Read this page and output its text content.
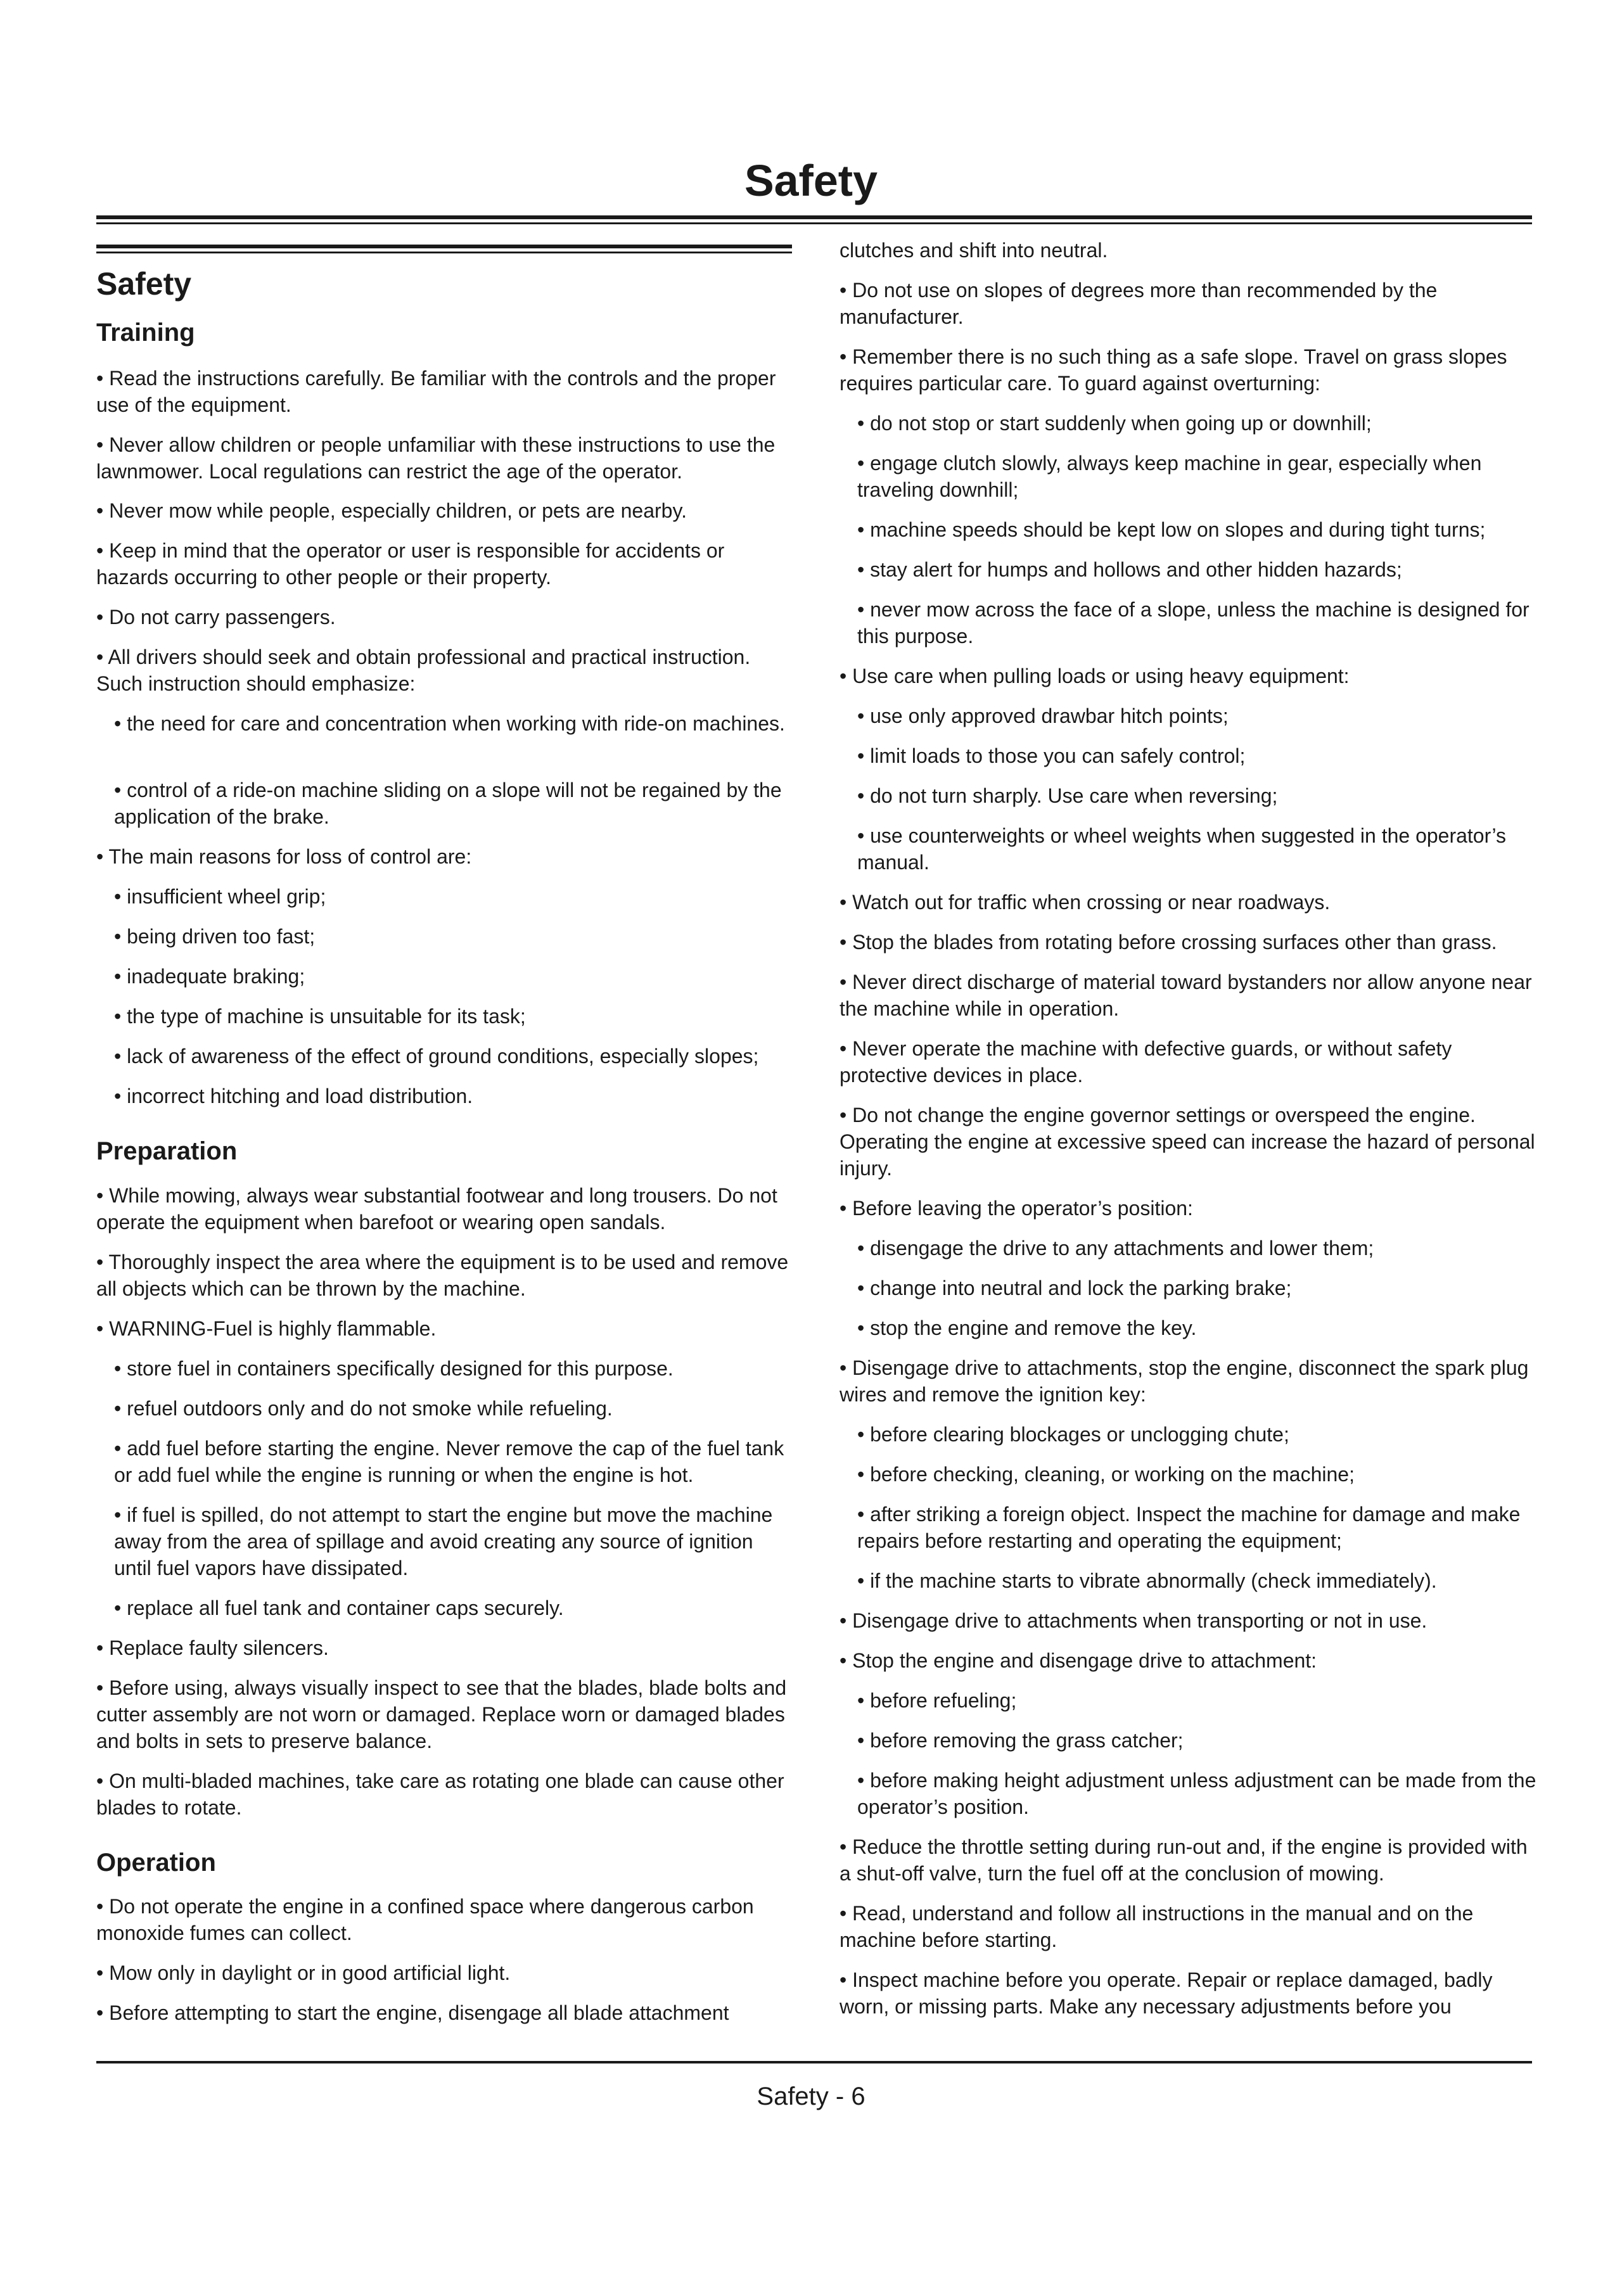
Safety
Safety
Training

• Read the instructions carefully. Be familiar with the controls and the proper use of the equipment.

• Never allow children or people unfamiliar with these instructions to use the lawnmower. Local regulations can restrict the age of the operator.

• Never mow while people, especially children, or pets are nearby.

• Keep in mind that the operator or user is responsible for accidents or hazards occurring to other people or their property.

• Do not carry passengers.

• All drivers should seek and obtain professional and practical instruction. Such instruction should emphasize:

• the need for care and concentration when working with ride-on machines.

• control of a ride-on machine sliding on a slope will not be regained by the application of the brake.

• The main reasons for loss of control are:

• insufficient wheel grip;

• being driven too fast;

• inadequate braking;

• the type of machine is unsuitable for its task;

• lack of awareness of the effect of ground conditions, especially slopes;

• incorrect hitching and load distribution.

Preparation

• While mowing, always wear substantial footwear and long trousers. Do not operate the equipment when barefoot or wearing open sandals.

• Thoroughly inspect the area where the equipment is to be used and remove all objects which can be thrown by the machine.

• WARNING-Fuel is highly flammable.

• store fuel in containers specifically designed for this purpose.

• refuel outdoors only and do not smoke while refueling.

• add fuel before starting the engine. Never remove the cap of the fuel tank or add fuel while the engine is running or when the engine is hot.

• if fuel is spilled, do not attempt to start the engine but move the machine away from the area of spillage and avoid creating any source of ignition until fuel vapors have dissipated.

• replace all fuel tank and container caps securely.

• Replace faulty silencers.

• Before using, always visually inspect to see that the blades, blade bolts and cutter assembly are not worn or damaged. Replace worn or damaged blades and bolts in sets to preserve balance.

• On multi-bladed machines, take care as rotating one blade can cause other blades to rotate.

Operation

• Do not operate the engine in a confined space where dangerous carbon monoxide fumes can collect.

• Mow only in daylight or in good artificial light.

• Before attempting to start the engine, disengage all blade attachment

clutches and shift into neutral.

• Do not use on slopes of degrees more than recommended by the manufacturer.

• Remember there is no such thing as a safe slope. Travel on grass slopes requires particular care. To guard against overturning:

• do not stop or start suddenly when going up or downhill;

• engage clutch slowly, always keep machine in gear, especially when traveling downhill;

• machine speeds should be kept low on slopes and during tight turns;

• stay alert for humps and hollows and other hidden hazards;

• never mow across the face of a slope, unless the machine is designed for this purpose.

• Use care when pulling loads or using heavy equipment:

• use only approved drawbar hitch points;

• limit loads to those you can safely control;

• do not turn sharply. Use care when reversing;

• use counterweights or wheel weights when suggested in the operator’s manual.

• Watch out for traffic when crossing or near roadways.

• Stop the blades from rotating before crossing surfaces other than grass.

• Never direct discharge of material toward bystanders nor allow anyone near the machine while in operation.

• Never operate the machine with defective guards, or without safety protective devices in place.

• Do not change the engine governor settings or overspeed the engine. Operating the engine at excessive speed can increase the hazard of personal injury.

• Before leaving the operator’s position:

• disengage the drive to any attachments and lower them;

• change into neutral and lock the parking brake;

• stop the engine and remove the key.

• Disengage drive to attachments, stop the engine, disconnect the spark plug wires and remove the ignition key:

• before clearing blockages or unclogging chute;

• before checking, cleaning, or working on the machine;

• after striking a foreign object. Inspect the machine for damage and make repairs before restarting and operating the equipment;

• if the machine starts to vibrate abnormally (check immediately).

• Disengage drive to attachments when transporting or not in use.

• Stop the engine and disengage drive to attachment:

• before refueling;

• before removing the grass catcher;

• before making height adjustment unless adjustment can be made from the operator’s position.

• Reduce the throttle setting during run-out and, if the engine is provided with a shut-off valve, turn the fuel off at the conclusion of mowing.

• Read, understand and follow all instructions in the manual and on the machine before starting.

• Inspect machine before you operate. Repair or replace damaged, badly worn, or missing parts. Make any necessary adjustments before you

Safety - 6
